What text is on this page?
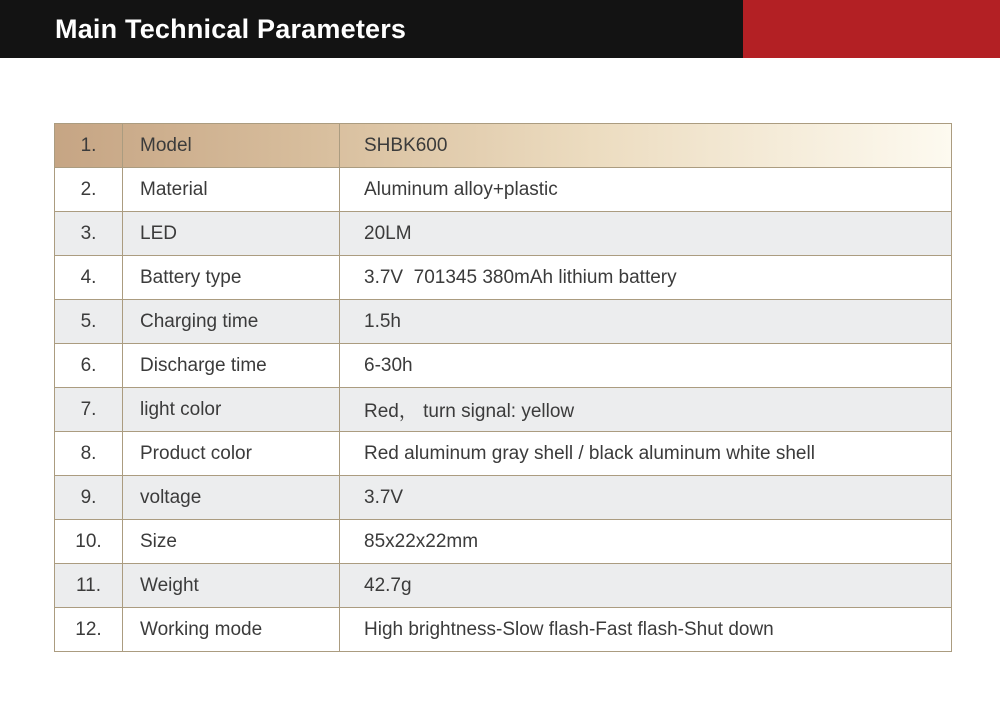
Main Technical Parameters
1.	Model	SHBK600
2.	Material	Aluminum alloy+plastic
3.	LED	20LM
4.	Battery type	3.7V  701345 380mAh lithium battery
5.	Charging time	1.5h
6.	Discharge time	6-30h
7.	light color	Red， turn signal: yellow
8.	Product color	Red aluminum gray shell / black aluminum white shell
9.	voltage	3.7V
10.	Size	85x22x22mm
11.	Weight	42.7g
12.	Working mode	High brightness-Slow flash-Fast flash-Shut down
